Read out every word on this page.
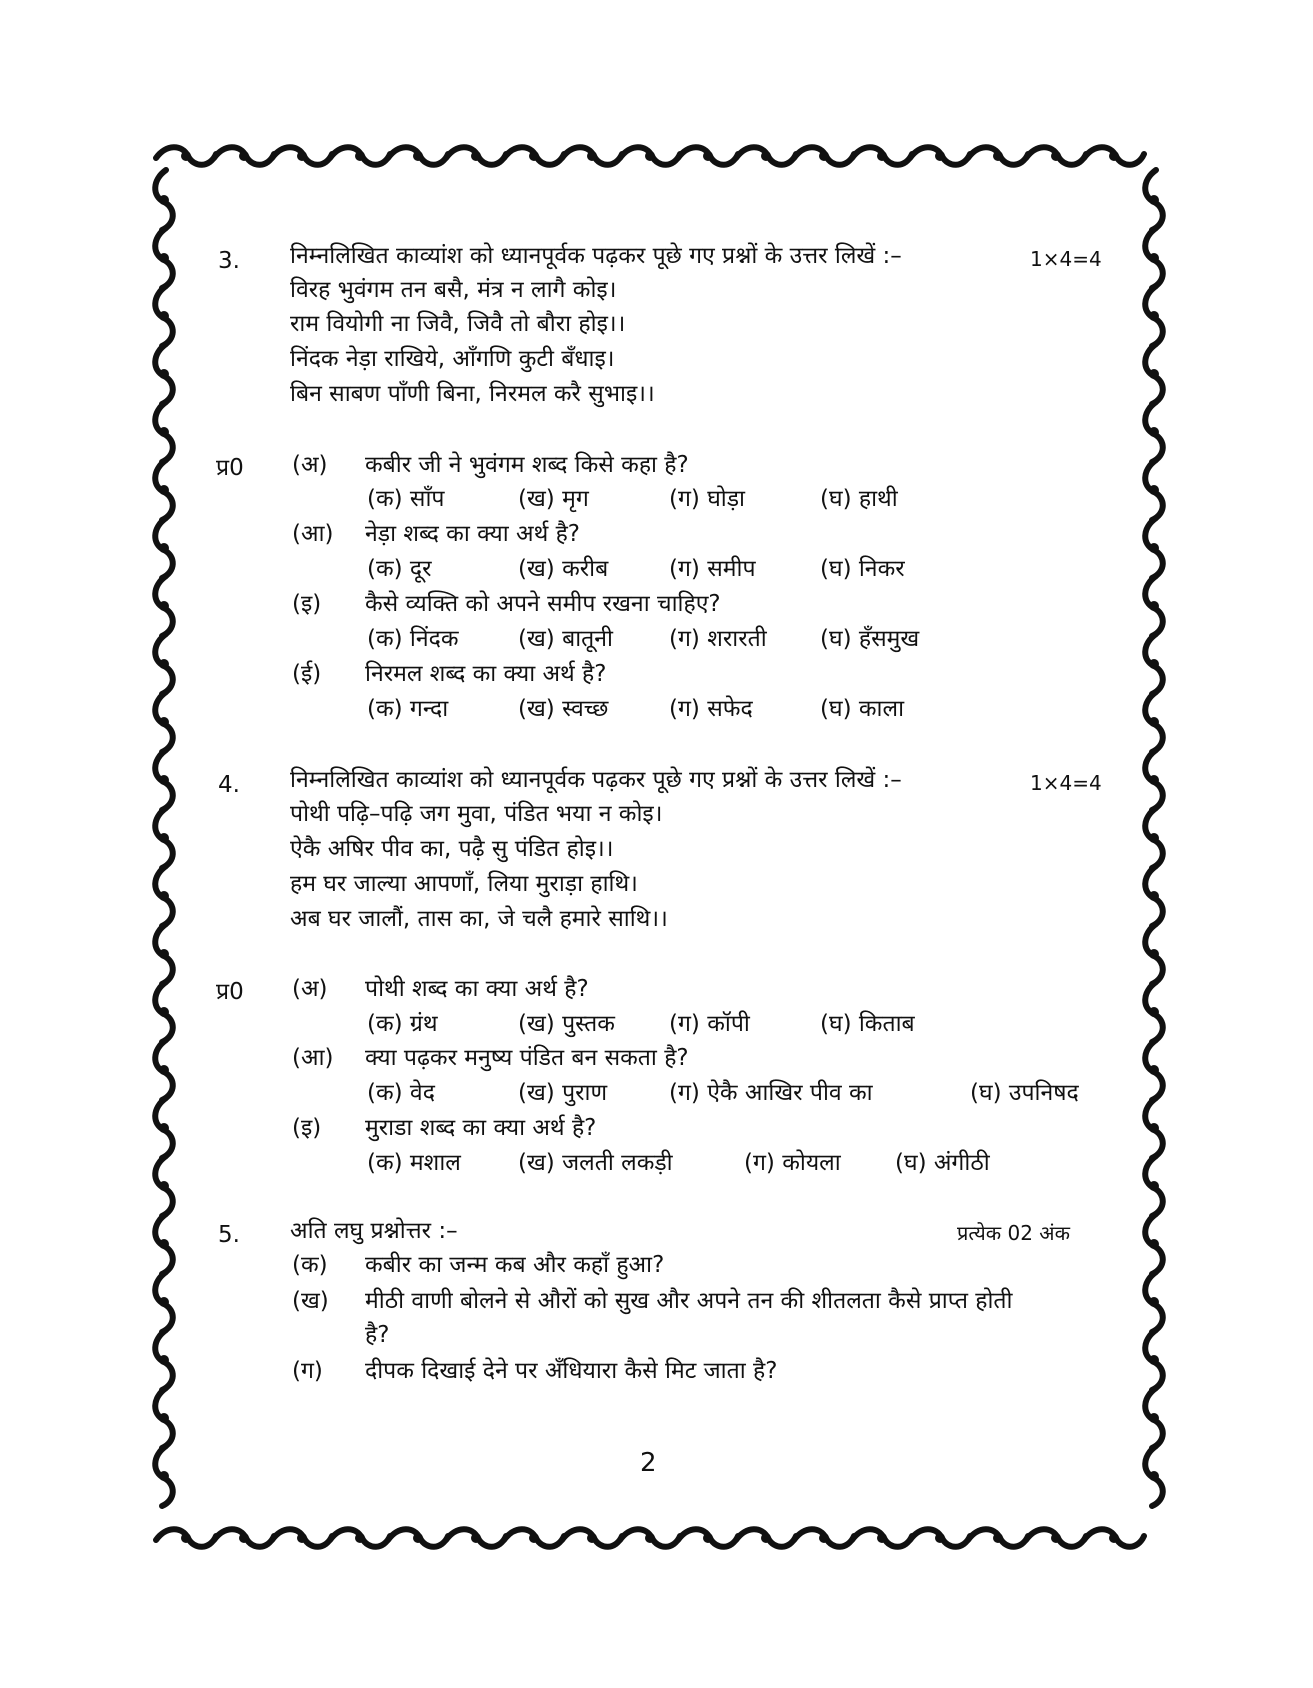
3. निम्नलिखित काव्यांश को ध्यानपूर्वक पढ़कर पूछे गए प्रश्नों के उत्तर लिखें :–	1×4=4
विरह भुवंगम तन बसै, मंत्र न लागै कोइ।
राम वियोगी ना जिवै, जिवै तो बौरा होइ।।
निंदक नेड़ा राखिये, आँगणि कुटी बँधाइ।
बिन साबण पाँणी बिना, निरमल करै सुभाइ।।
प्र0 (अ) कबीर जी ने भुवंगम शब्द किसे कहा है?
(क) साँप	(ख) मृग	(ग) घोड़ा	(घ) हाथी
(आ) नेड़ा शब्द का क्या अर्थ है?
(क) दूर	(ख) करीब	(ग) समीप	(घ) निकर
(इ) कैसे व्यक्ति को अपने समीप रखना चाहिए?
(क) निंदक	(ख) बातूनी (ग) शरारती (घ) हँसमुख
(ई) निरमल शब्द का क्या अर्थ है?
(क) गन्दा	(ख) स्वच्छ	(ग) सफेद	(घ) काला
4. निम्नलिखित काव्यांश को ध्यानपूर्वक पढ़कर पूछे गए प्रश्नों के उत्तर लिखें :–	1×4=4
पोथी पढ़ि–पढ़ि जग मुवा, पंडित भया न कोइ।
ऐकै अषिर पीव का, पढ़ै सु पंडित होइ।।
हम घर जाल्या आपणाँ, लिया मुराड़ा हाथि।
अब घर जालौं, तास का, जे चलै हमारे साथि।।
प्र0 (अ) पोथी शब्द का क्या अर्थ है?
(क) ग्रंथ	(ख) पुस्तक (ग) कॉपी	(घ) किताब
(आ) क्या पढ़कर मनुष्य पंडित बन सकता है?
(क) वेद	(ख) पुराण	(ग) ऐकै आखिर पीव का	(घ) उपनिषद
(इ) मुराडा शब्द का क्या अर्थ है?
(क) मशाल (ख) जलती लकड़ी	(ग) कोयला (घ) अंगीठी
5. अति लघु प्रश्नोत्तर :–	प्रत्येक 02 अंक
(क) कबीर का जन्म कब और कहाँ हुआ?
(ख) मीठी वाणी बोलने से औरों को सुख और अपने तन की शीतलता कैसे प्राप्त होती
है?
(ग) दीपक दिखाई देने पर अँधियारा कैसे मिट जाता है?
2
